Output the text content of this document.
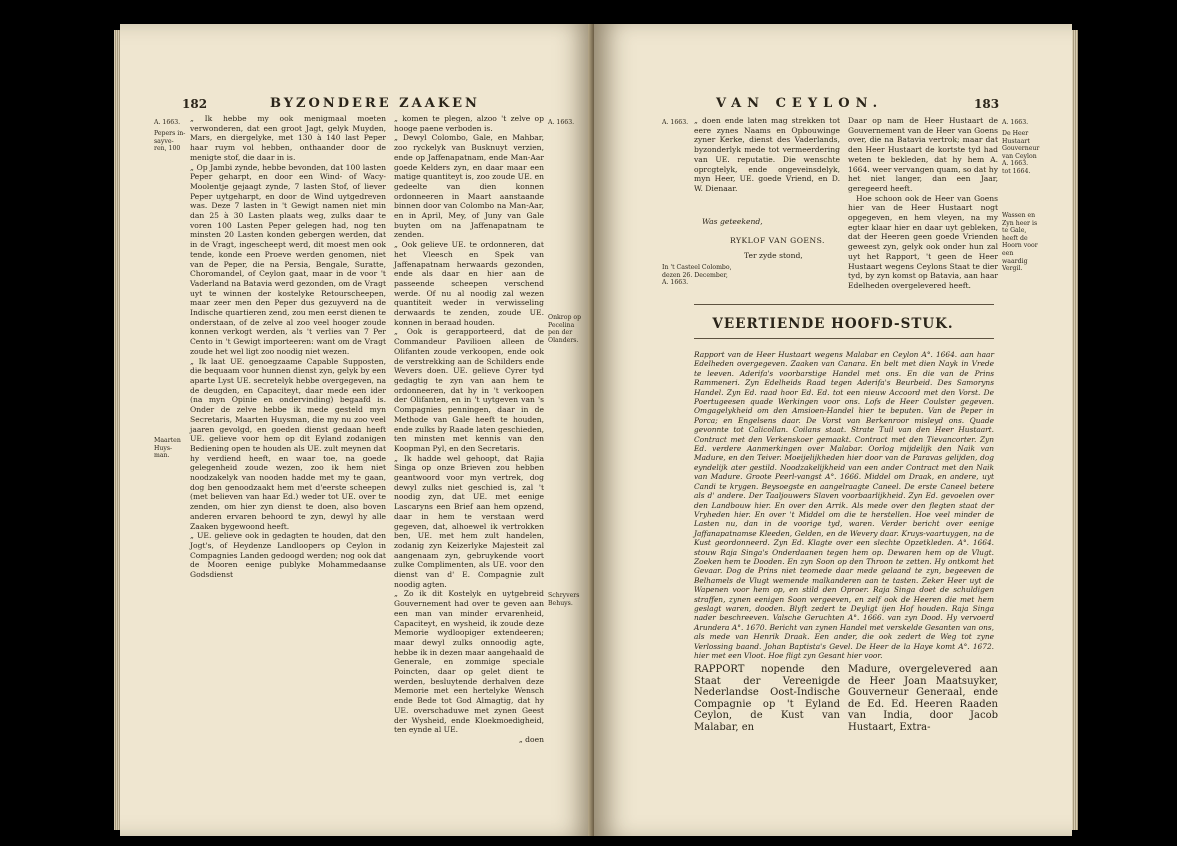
182	BYZONDERE ZAAKEN
A. 1663.
Pepers in-sayve-ren, 100
Maarten Huys-man.

„ Ik hebbe my ook menigmaal moeten verwonderen, dat een groot Jagt, gelyk Muyden, Mars, en diergelyke, met 130 à 140 last Peper haar ruym vol hebben, onthaander door de menigte stof, die daar in is.

„ Op Jambi zynde, hebbe bevonden, dat 100 lasten Peper geharpt, en door een Wind- of Wacy- Moolentje gejaagt zynde, 7 lasten Stof, of liever Peper uytgeharpt, en door de Wind uytgedreven was. Deze 7 lasten in 't Gewigt namen niet min dan 25 à 30 Lasten plaats weg, zulks daar te voren 100 Lasten Peper gelegen had, nog ten minsten 20 Lasten konden gebergen werden, dat in de Vragt, ingescheept werd, dit moest men ook tende, konde een Proeve werden genomen, niet van de Peper, die na Persia, Bengale, Suratte, Choromandel, of Ceylon gaat, maar in de voor 't Vaderland na Batavia werd gezonden, om de Vragt uyt te winnen der kostelyke Retourscheepen, maar zeer men den Peper dus gezuyverd na de Indische quartieren zend, zou men eerst dienen te onderstaan, of de zelve al zoo veel hooger zoude konnen verkogt werden, als 't verlies van 7 Per Cento in 't Gewigt importeeren: want om de Vragt zoude het wel ligt zoo noodig niet wezen.

„ Ik laat UE. genoegzaame Capable Supposten, die bequaam voor hunnen dienst zyn, gelyk by een aparte Lyst UE. secretelyk hebbe overgegeven, na de deugden, en Capaciteyt, daar mede een ider (na myn Opinie en ondervinding) begaafd is. Onder de zelve hebbe ik mede gesteld myn Secretaris, Maarten Huysman, die my nu zoo veel jaaren gevolgd, en goeden dienst gedaan heeft UE. gelieve voor hem op dit Eyland zodanigen Bediening open te houden als UE. zult meynen dat hy verdiend heeft, en waar toe, na goede gelegenheid zoude wezen, zoo ik hem niet noodzakelyk van nooden hadde met my te gaan, dog ben genoodzaakt hem met d'eerste scheepen (met believen van haar Ed.) weder tot UE. over te zenden, om hier zyn dienst te doen, also boven anderen ervaren behoord te zyn, dewyl hy alle Zaaken bygewoond heeft.

„ UE. gelieve ook in gedagten te houden, dat den Jogt's, of Heydenze Landloopers op Ceylon in Compagnies Landen gedoogd werden; nog ook dat de Mooren eenige publyke Mohammedaanse Godsdienst

„ komen te plegen, alzoo 't zelve op hooge paene verboden is.

„ Dewyl Colombo, Gale, en Mahbar, zoo ryckelyk van Busknuyt verzien, ende op Jaffenapatnam, ende Man-Aar goede Kelders zyn, en daar maar een matige quantiteyt is, zoo zoude UE. en gedeelte van dien konnen ordonneeren in Maart aanstaande binnen door van Colombo na Man-Aar, en in April, Mey, of Juny van Gale buyten om na Jaffenapatnam te zenden.

„ Ook gelieve UE. te ordonneren, dat het Vleesch en Spek van Jaffenapatnam herwaards gezonden, ende als daar en hier aan de passeende scheepen verschend werde. Of nu al noodig zal wezen quantiteit weder in verwisseling derwaards te zenden, zoude UE. konnen in beraad houden.

„ Ook is gerapporteerd, dat de Commandeur Pavilioen alleen de Olifanten zoude verkoopen, ende ook de verstrekking aan de Schilders ende Wevers doen. UE. gelieve Cyrer tyd gedagtig te zyn van aan hem te ordonneeren, dat hy in 't verkoopen der Olifanten, en in 't uytgeven van 's Compagnies penningen, daar in de Methode van Gale heeft te houden, ende zulks by Raade laten geschieden, ten minsten met kennis van den Koopman Pyl, en den Secretaris.

„ Ik hadde wel gehoopt, dat Rajia Singa op onze Brieven zou hebben geantwoord voor myn vertrek, dog dewyl zulks niet geschied is, zal 't noodig zyn, dat UE. met eenige Lascaryns een Brief aan hem opzend, daar in hem te verstaan werd gegeven, dat, alhoewel ik vertrokken ben, UE. met hem zult handelen, zodanig zyn Keizerlyke Majesteit zal aangenaam zyn, gebruykende voort zulke Complimenten, als UE. voor den dienst van d' E. Compagnie zult noodig agten.

„ Zo ik dit Kostelyk en uytgebreid Gouvernement had over te geven aan een man van minder ervarenheid, Capaciteyt, en wysheid, ik zoude deze Memorie wydloopiger extendeeren; maar dewyl zulks onnoodig agte, hebbe ik in dezen maar aangehaald de Generale, en zommige speciale Poincten, daar op gelet dient te werden, besluytende derhalven deze Memorie met een hertelyke Wensch ende Bede tot God Almagtig, dat hy UE. overschaduwe met zynen Geest der Wysheid, ende Kloekmoedigheid, ten eynde al UE.

„ doen

A. 1663.
Onkrop op Pecelina pen der Olanders.
Schryvers Behuys.
VAN CEYLON.	183
A. 1663. „ doen ende laten mag strekken tot eere zynes Naams en Opbouwinge zyner Kerke, dienst des Vaderlands, byzonderlyk mede tot vermeerdering van UE. reputatie. Die wenschte oprcgtelyk, ende ongeveinsdelyk, myn Heer, UE. goede Vriend, en D. W. Dienaar.

Was geteekend,
RYKLOF VAN GOENS.
Ter zyde stond,
In 't Casteel Colombo, dezen 26. December, A. 1663.

Daar op nam de Heer Hustaart de Gouvernement van de Heer van Goens over, die na Batavia vertrok; maar dat den Heer Hustaart de kortste tyd had weten te bekleden, dat hy hem A. 1664. weer vervangen quam, so dat hy het niet langer, dan een Jaar, geregeerd heeft.

Hoe schoon ook de Heer van Goens hier van de Heer Hustaart nogt opgegeven, en hem vleyen, na my egter klaar hier en daar uyt gebleken, dat der Heeren geen goede Vrienden geweest zyn, gelyk ook onder hun zal uyt het Rapport, 't geen de Heer Hustaart wegens Ceylons Staat te dier tyd, by zyn komst op Batavia, aan haar Edelheden overgelevered heeft.

A. 1663.
De Heer Hustaart Gouverneur van Ceylon A. 1663. tot 1664.
Wassen en Zyn heer is te Gale, heeft de Hoorn voor een waardig Vergil.
VEERTIENDE HOOFD-STUK.

Rapport van de Heer Hustaart wegens Malabar en Ceylon A°. 1664. aan haar Edelheden overgegeven. Zaaken van Canara. En belt met dien Nayk in Vrede te leeven. Aderifa's voorbarstige Handel met ons. En die van de Prins Rammeneri. Zyn Edelheids Raad tegen Aderifa's Beurbeid. Des Samoryns Handel. Zyn Ed. raad hoor Ed. Ed. tot een nieuw Accoord met den Vorst. De Poertugeesen quade Werkingen voor ons. Lofs de Heer Coulster gegeven. Omgagelykheid om den Amsioen-Handel hier te beputen. Van de Peper in Porca; en Engelsens daar. De Vorst van Berkenroor misleyd ons. Quade gevonnte tot Calicollan. Coilans staat. Strate Tuil van den Heer Hustaart. Contract met den Verkenskoer gemaakt. Contract met den Tievancorter. Zyn Ed. verdere Aanmerkingen over Malabar. Oorlog mijdelijk den Naik van Madure, en den Teiver. Moeijelijkheden hier door van de Paravas gelijden, dog eyndelijk ater gestild. Noodzakelijkheid van een ander Contract met den Naik van Madure. Groote Peerl-vangst A°. 1666. Middel om Draak, en andere, uyt Candi te krygen. Beysoegste en aangelraagte Caneel. De erste Caneel betere als d' andere. Der Taaljouwers Slaven voorbaarlijkheid. Zyn Ed. gevoelen over den Landbouw hier. En over den Arrik. Als mede over den flegten staat der Vryheden hier. En over 't Middel om die te herstellen. Hoe veel minder de Lasten nu, dan in de voorige tyd, waren. Verder bericht over eenige Jaffanapatnamse Kleeden, Gelden, en de Wevery daar. Kruys-vaartuygen, na de Kust geordonneerd. Zyn Ed. Klagte over een slechte Opzetkleden. A°. 1664. stouw Raja Singa's Onderdaanen tegen hem op. Dewaren hem op de Vlugt. Zoeken hem te Dooden. En zyn Soon op den Throon te zetten. Hy ontkomt het Gevaar. Dog de Prins niet teomede daar mede gelaand te zyn, begeeven de Belhamels de Vlugt wemende malkanderen aan te tasten. Zeker Heer uyt de Wapenen voor hem op, en stild den Oproer. Raja Singa doet de schuldigen straffen, zynen eenigen Soon vergeeven, en zelf ook de Heeren die met hem geslagt waren, dooden. Blyft zedert te Deyligt ijen Hof houden. Raja Singa nader beschreeven. Valsche Geruchten A°. 1666. van zyn Dood. Hy vervoerd Arundera A°. 1670. Bericht van zynen Handel met verskelde Gesanten van ons, als mede van Henrik Draak. Een ander, die ook zedert de Weg tot zyne Verlossing baand. Johan Baptista's Gevel. De Heer de la Haye komt A°. 1672. hier met een Vloot. Hoe fligt zyn Gesant hier voor.

RAPPORT nopende den Staat der Vereenigde Nederlandse Oost-Indische Compagnie op 't Eyland Ceylon, de Kust van Malabar, en

Madure, overgelevered aan de Heer Joan Maatsuyker, Gouverneur Generaal, ende de Ed. Ed. Heeren Raaden van India, door Jacob Hustaart, Extra-
